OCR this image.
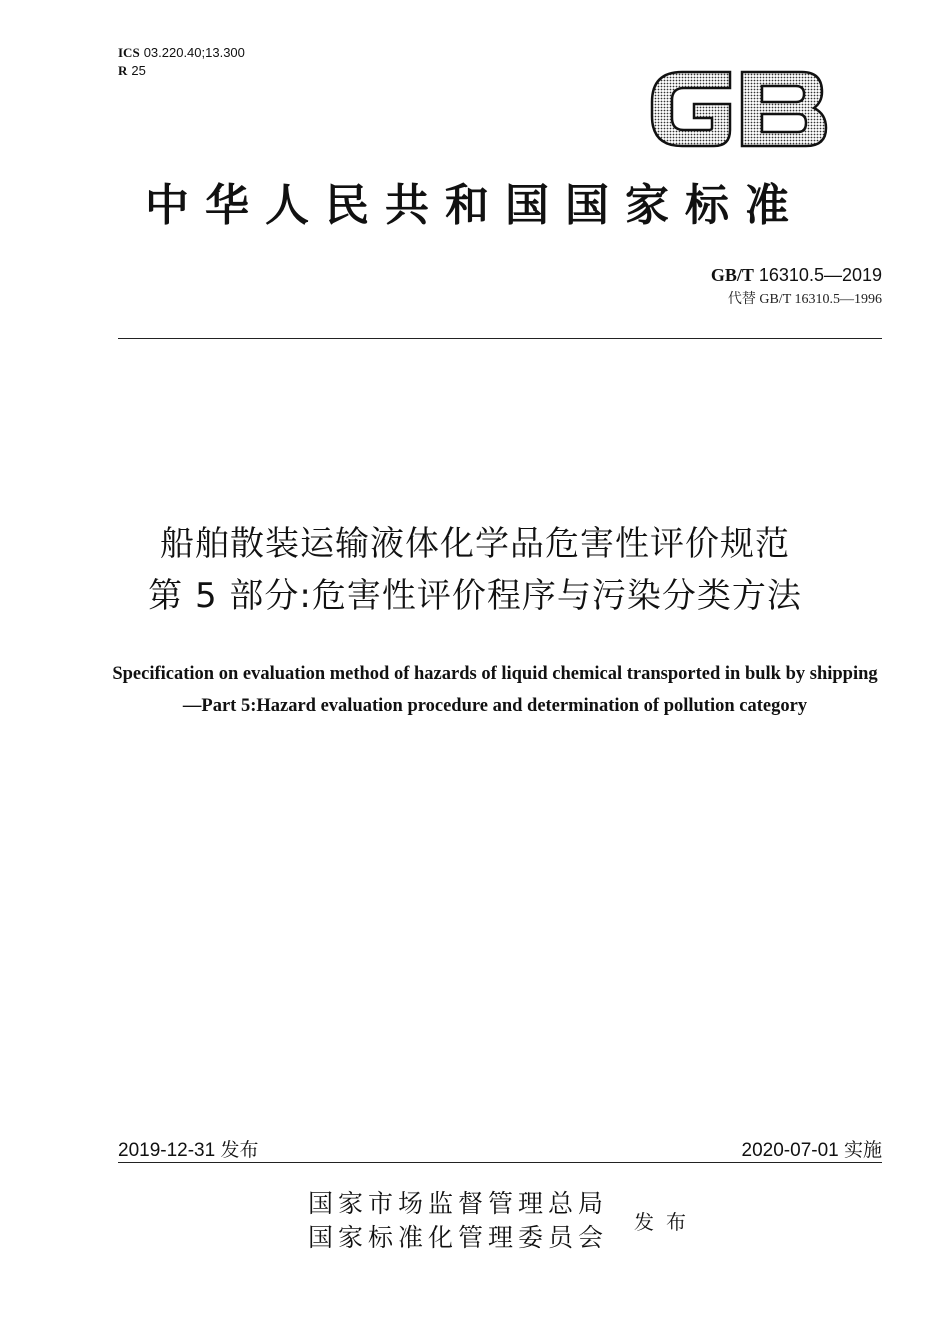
ICS 03.220.40;13.300
R 25
中华人民共和国国家标准
GB/T 16310.5—2019
代替 GB/T 16310.5—1996
船舶散装运输液体化学品危害性评价规范
第 5 部分:危害性评价程序与污染分类方法
Specification on evaluation method of hazards of liquid chemical transported in bulk by shipping—Part 5:Hazard evaluation procedure and determination of pollution category
2019-12-31 发布	2020-07-01 实施
国家市场监督管理总局
国家标准化管理委员会
发布
